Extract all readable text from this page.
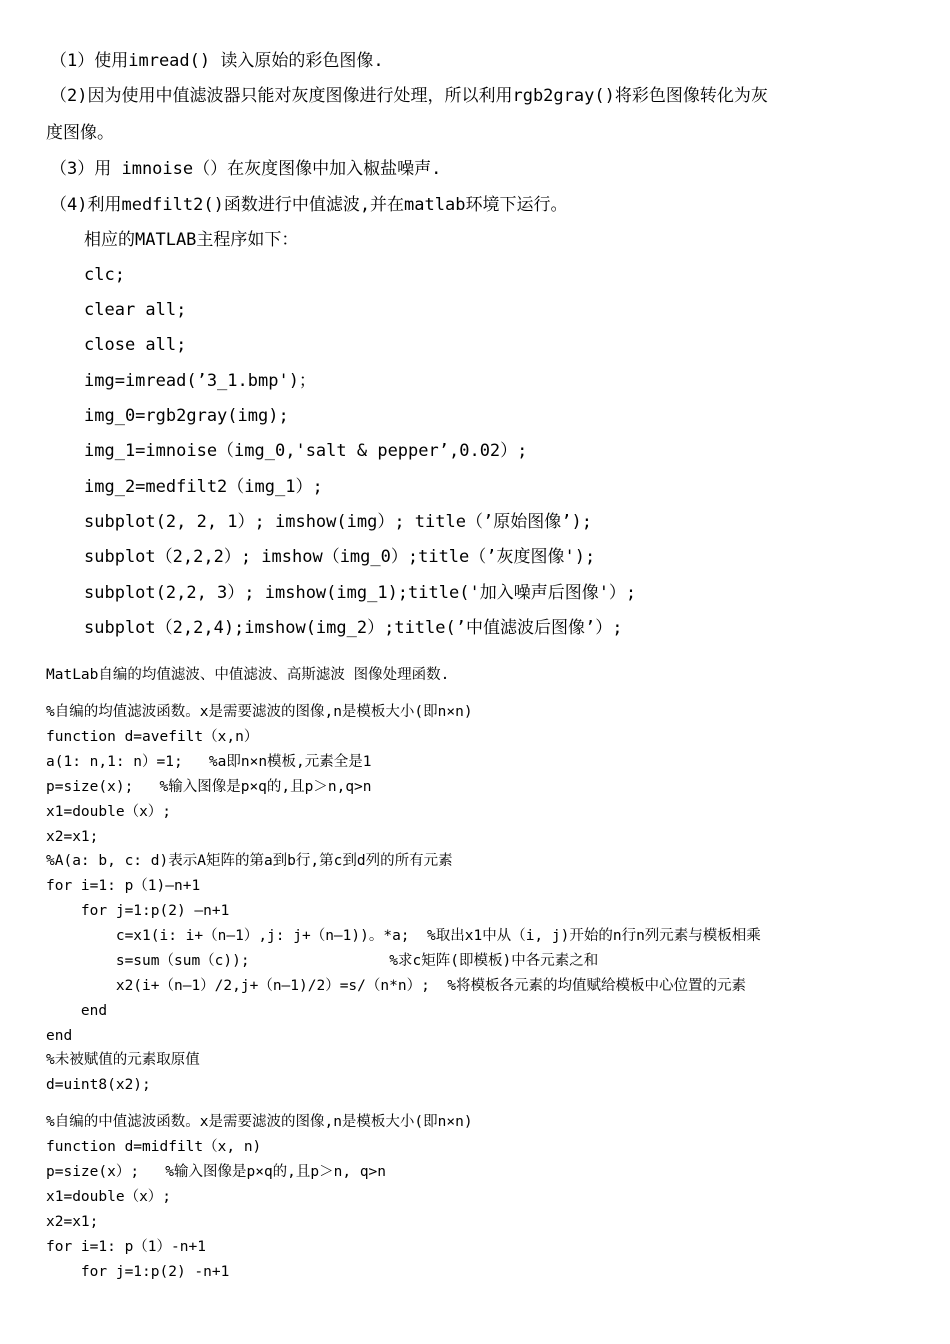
（1）使用imread() 读入原始的彩色图像.
（2)因为使用中值滤波器只能对灰度图像进行处理，所以利用rgb2gray()将彩色图像转化为灰
度图像。
（3）用 imnoise（）在灰度图像中加入椒盐噪声.
（4)利用medfilt2()函数进行中值滤波,并在matlab环境下运行。
相应的MATLAB主程序如下：
clc;
clear all;
close all;
img=imread(’3_1.bmp')；
img_0=rgb2gray(img);
img_1=imnoise（img_0,'salt & pepper’,0.02）;
img_2=medfilt2（img_1）;
subplot(2, 2, 1）; imshow(img）; title（’原始图像’);
subplot（2,2,2）; imshow（img_0）;title（’灰度图像');
subplot(2,2, 3）; imshow(img_1);title('加入噪声后图像'）;
subplot（2,2,4);imshow(img_2）;title(’中值滤波后图像’）;
MatLab自编的均值滤波、中值滤波、高斯滤波 图像处理函数.
%自编的均值滤波函数。x是需要滤波的图像,n是模板大小(即n×n)
function d=avefilt（x,n）
a(1: n,1: n）=1;   %a即n×n模板,元素全是1
p=size(x);   %输入图像是p×q的,且p＞n,q>n
x1=double（x）;
x2=x1;
%A(a: b, c: d)表示A矩阵的第a到b行,第c到d列的所有元素
for i=1: p（1)—n+1
for j=1:p(2) —n+1
c=x1(i: i+（n—1）,j: j+（n—1))。*a;  %取出x1中从（i, j)开始的n行n列元素与模板相乘
s=sum（sum（c));                %求c矩阵(即模板)中各元素之和
x2(i+（n—1）/2,j+（n—1)/2）=s/（n*n）;  %将模板各元素的均值赋给模板中心位置的元素
end
end
%未被赋值的元素取原值
d=uint8(x2);
%自编的中值滤波函数。x是需要滤波的图像,n是模板大小(即n×n)
function d=midfilt（x, n)
p=size(x）;   %输入图像是p×q的,且p＞n, q>n
x1=double（x）;
x2=x1;
for i=1: p（1）-n+1
for j=1:p(2) -n+1
